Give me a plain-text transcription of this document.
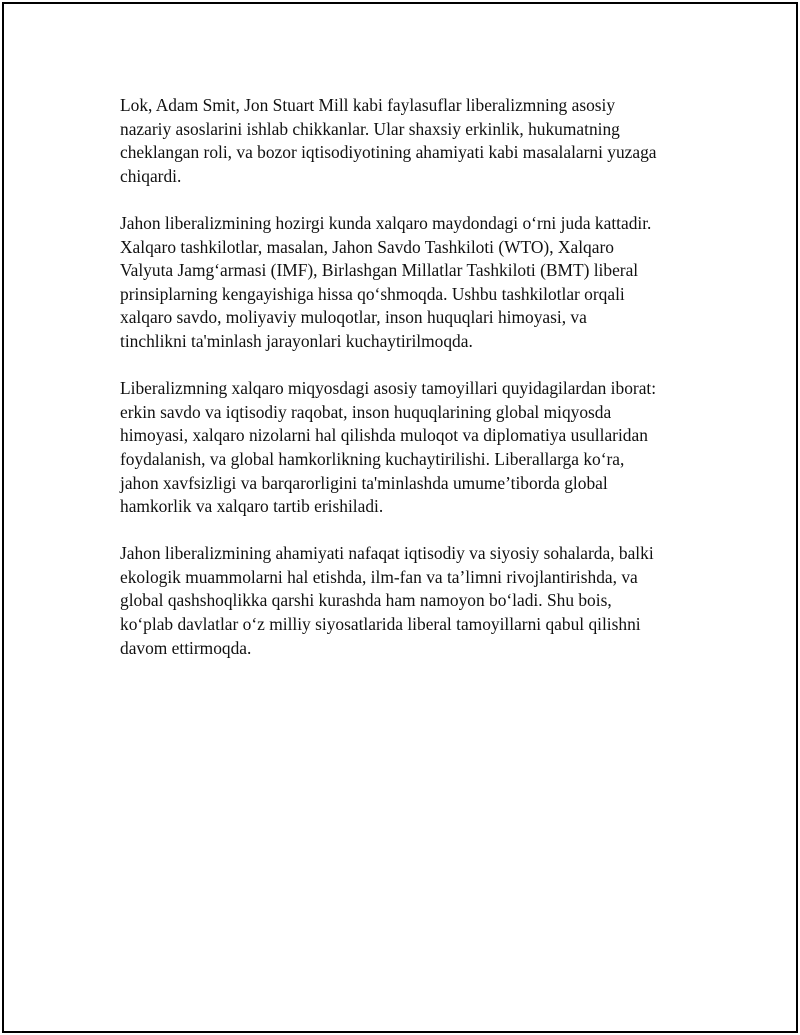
Lok, Adam Smit, Jon Stuart Mill kabi faylasuflar liberalizmning asosiy
nazariy asoslarini ishlab chikkanlar. Ular shaxsiy erkinlik, hukumatning
cheklangan roli, va bozor iqtisodiyotining ahamiyati kabi masalalarni yuzaga
chiqardi.

Jahon liberalizmining hozirgi kunda xalqaro maydondagi o‘rni juda kattadir.
Xalqaro tashkilotlar, masalan, Jahon Savdo Tashkiloti (WTO), Xalqaro
Valyuta Jamg‘armasi (IMF), Birlashgan Millatlar Tashkiloti (BMT) liberal
prinsiplarning kengayishiga hissa qo‘shmoqda. Ushbu tashkilotlar orqali
xalqaro savdo, moliyaviy muloqotlar, inson huquqlari himoyasi, va
tinchlikni ta'minlash jarayonlari kuchaytirilmoqda.

Liberalizmning xalqaro miqyosdagi asosiy tamoyillari quyidagilardan iborat:
erkin savdo va iqtisodiy raqobat, inson huquqlarining global miqyosda
himoyasi, xalqaro nizolarni hal qilishda muloqot va diplomatiya usullaridan
foydalanish, va global hamkorlikning kuchaytirilishi. Liberallarga ko‘ra,
jahon xavfsizligi va barqarorligini ta'minlashda umume’tiborda global
hamkorlik va xalqaro tartib erishiladi.

Jahon liberalizmining ahamiyati nafaqat iqtisodiy va siyosiy sohalarda, balki
ekologik muammolarni hal etishda, ilm-fan va ta’limni rivojlantirishda, va
global qashshoqlikka qarshi kurashda ham namoyon bo‘ladi. Shu bois,
ko‘plab davlatlar o‘z milliy siyosatlarida liberal tamoyillarni qabul qilishni
davom ettirmoqda.
